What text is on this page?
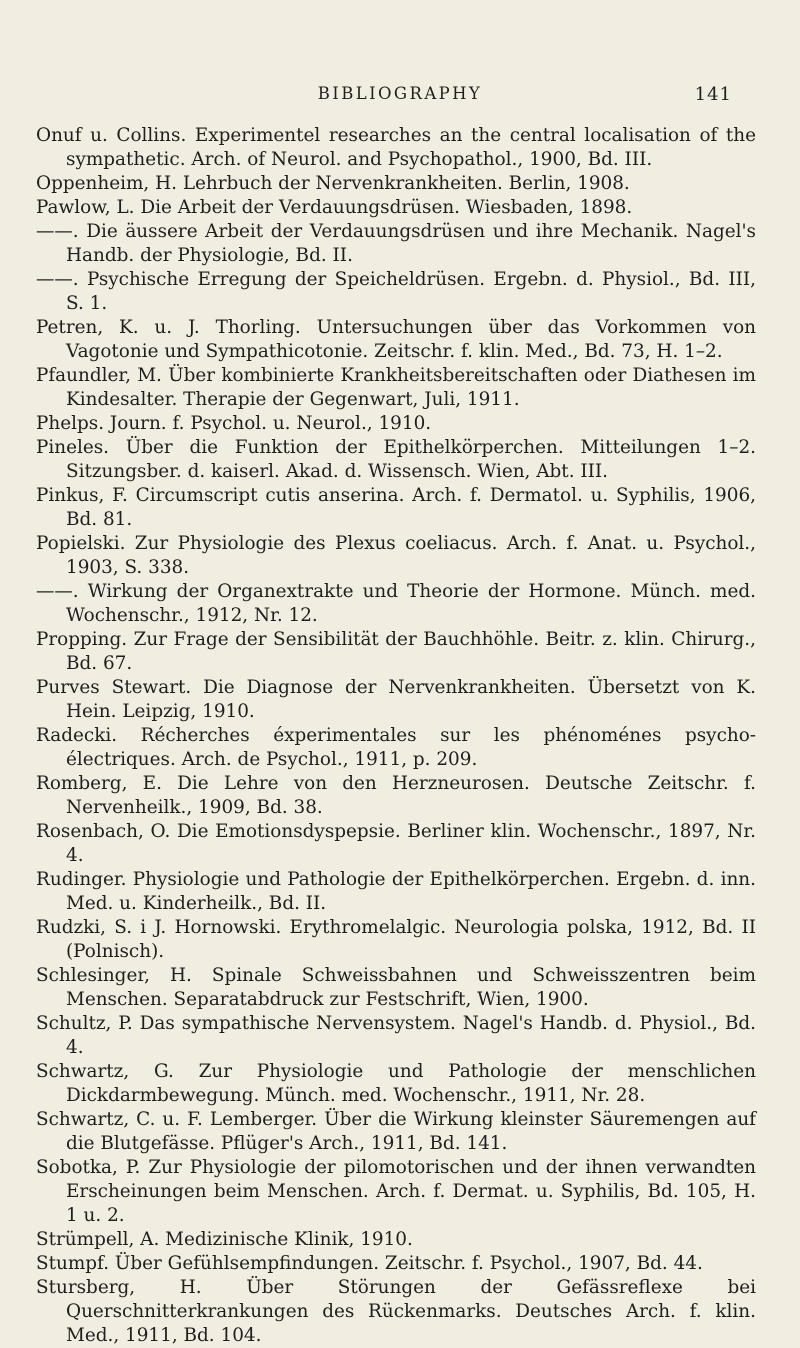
BIBLIOGRAPHY	141

Onuf u. Collins. Experimentel researches an the central localisation of the sympathetic. Arch. of Neurol. and Psychopathol., 1900, Bd. III.

Oppenheim, H. Lehrbuch der Nervenkrankheiten. Berlin, 1908.

Pawlow, L. Die Arbeit der Verdauungsdrüsen. Wiesbaden, 1898.

——. Die äussere Arbeit der Verdauungsdrüsen und ihre Mechanik. Nagel's Handb. der Physiologie, Bd. II.

——. Psychische Erregung der Speicheldrüsen. Ergebn. d. Physiol., Bd. III, S. 1.

Petren, K. u. J. Thorling. Untersuchungen über das Vorkommen von Vagotonie und Sympathicotonie. Zeitschr. f. klin. Med., Bd. 73, H. 1–2.

Pfaundler, M. Über kombinierte Krankheitsbereitschaften oder Diathesen im Kindesalter. Therapie der Gegenwart, Juli, 1911.

Phelps. Journ. f. Psychol. u. Neurol., 1910.

Pineles. Über die Funktion der Epithelkörperchen. Mitteilungen 1–2. Sitzungsber. d. kaiserl. Akad. d. Wissensch. Wien, Abt. III.

Pinkus, F. Circumscript cutis anserina. Arch. f. Dermatol. u. Syphilis, 1906, Bd. 81.

Popielski. Zur Physiologie des Plexus coeliacus. Arch. f. Anat. u. Psychol., 1903, S. 338.

——. Wirkung der Organextrakte und Theorie der Hormone. Münch. med. Wochenschr., 1912, Nr. 12.

Propping. Zur Frage der Sensibilität der Bauchhöhle. Beitr. z. klin. Chirurg., Bd. 67.

Purves Stewart. Die Diagnose der Nervenkrankheiten. Übersetzt von K. Hein. Leipzig, 1910.

Radecki. Récherches éxperimentales sur les phénoménes psycho-électriques. Arch. de Psychol., 1911, p. 209.

Romberg, E. Die Lehre von den Herzneurosen. Deutsche Zeitschr. f. Nervenheilk., 1909, Bd. 38.

Rosenbach, O. Die Emotionsdyspepsie. Berliner klin. Wochenschr., 1897, Nr. 4.

Rudinger. Physiologie und Pathologie der Epithelkörperchen. Ergebn. d. inn. Med. u. Kinderheilk., Bd. II.

Rudzki, S. i J. Hornowski. Erythromelalgic. Neurologia polska, 1912, Bd. II (Polnisch).

Schlesinger, H. Spinale Schweissbahnen und Schweisszentren beim Menschen. Separatabdruck zur Festschrift, Wien, 1900.

Schultz, P. Das sympathische Nervensystem. Nagel's Handb. d. Physiol., Bd. 4.

Schwartz, G. Zur Physiologie und Pathologie der menschlichen Dickdarmbewegung. Münch. med. Wochenschr., 1911, Nr. 28.

Schwartz, C. u. F. Lemberger. Über die Wirkung kleinster Säuremengen auf die Blutgefässe. Pflüger's Arch., 1911, Bd. 141.

Sobotka, P. Zur Physiologie der pilomotorischen und der ihnen verwandten Erscheinungen beim Menschen. Arch. f. Dermat. u. Syphilis, Bd. 105, H. 1 u. 2.

Strümpell, A. Medizinische Klinik, 1910.

Stumpf. Über Gefühlsempfindungen. Zeitschr. f. Psychol., 1907, Bd. 44.

Stursberg, H. Über Störungen der Gefässreflexe bei Querschnitterkrankungen des Rückenmarks. Deutsches Arch. f. klin. Med., 1911, Bd. 104.
